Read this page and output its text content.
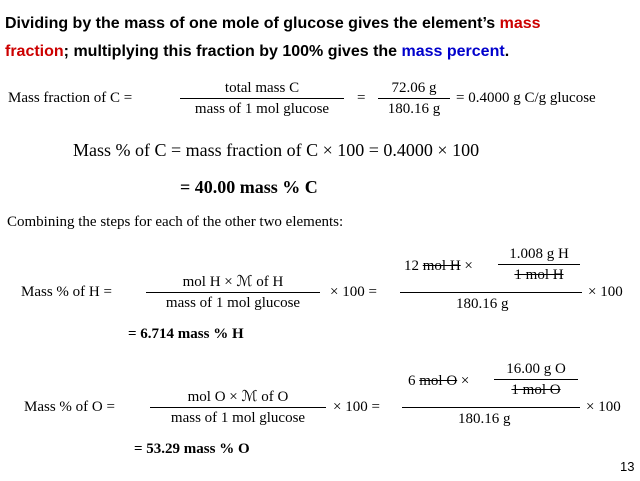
Dividing by the mass of one mole of glucose gives the element’s mass
fraction; multiplying this fraction by 100% gives the mass percent.
Mass fraction of C =
total mass C
mass of 1 mol glucose
=
72.06 g
180.16 g
= 0.4000 g C/g glucose
Mass % of C = mass fraction of C × 100 = 0.4000 × 100
= 40.00 mass % C
Combining the steps for each of the other two elements:
Mass % of H =
mol H × ℳ of H
mass of 1 mol glucose
× 100 =
12 mol H ×
1.008 g H
1 mol H
180.16 g
× 100
= 6.714 mass % H
Mass % of O =
mol O × ℳ of O
mass of 1 mol glucose
× 100 =
6 mol O ×
16.00 g O
1 mol O
180.16 g
× 100
= 53.29 mass % O
13
